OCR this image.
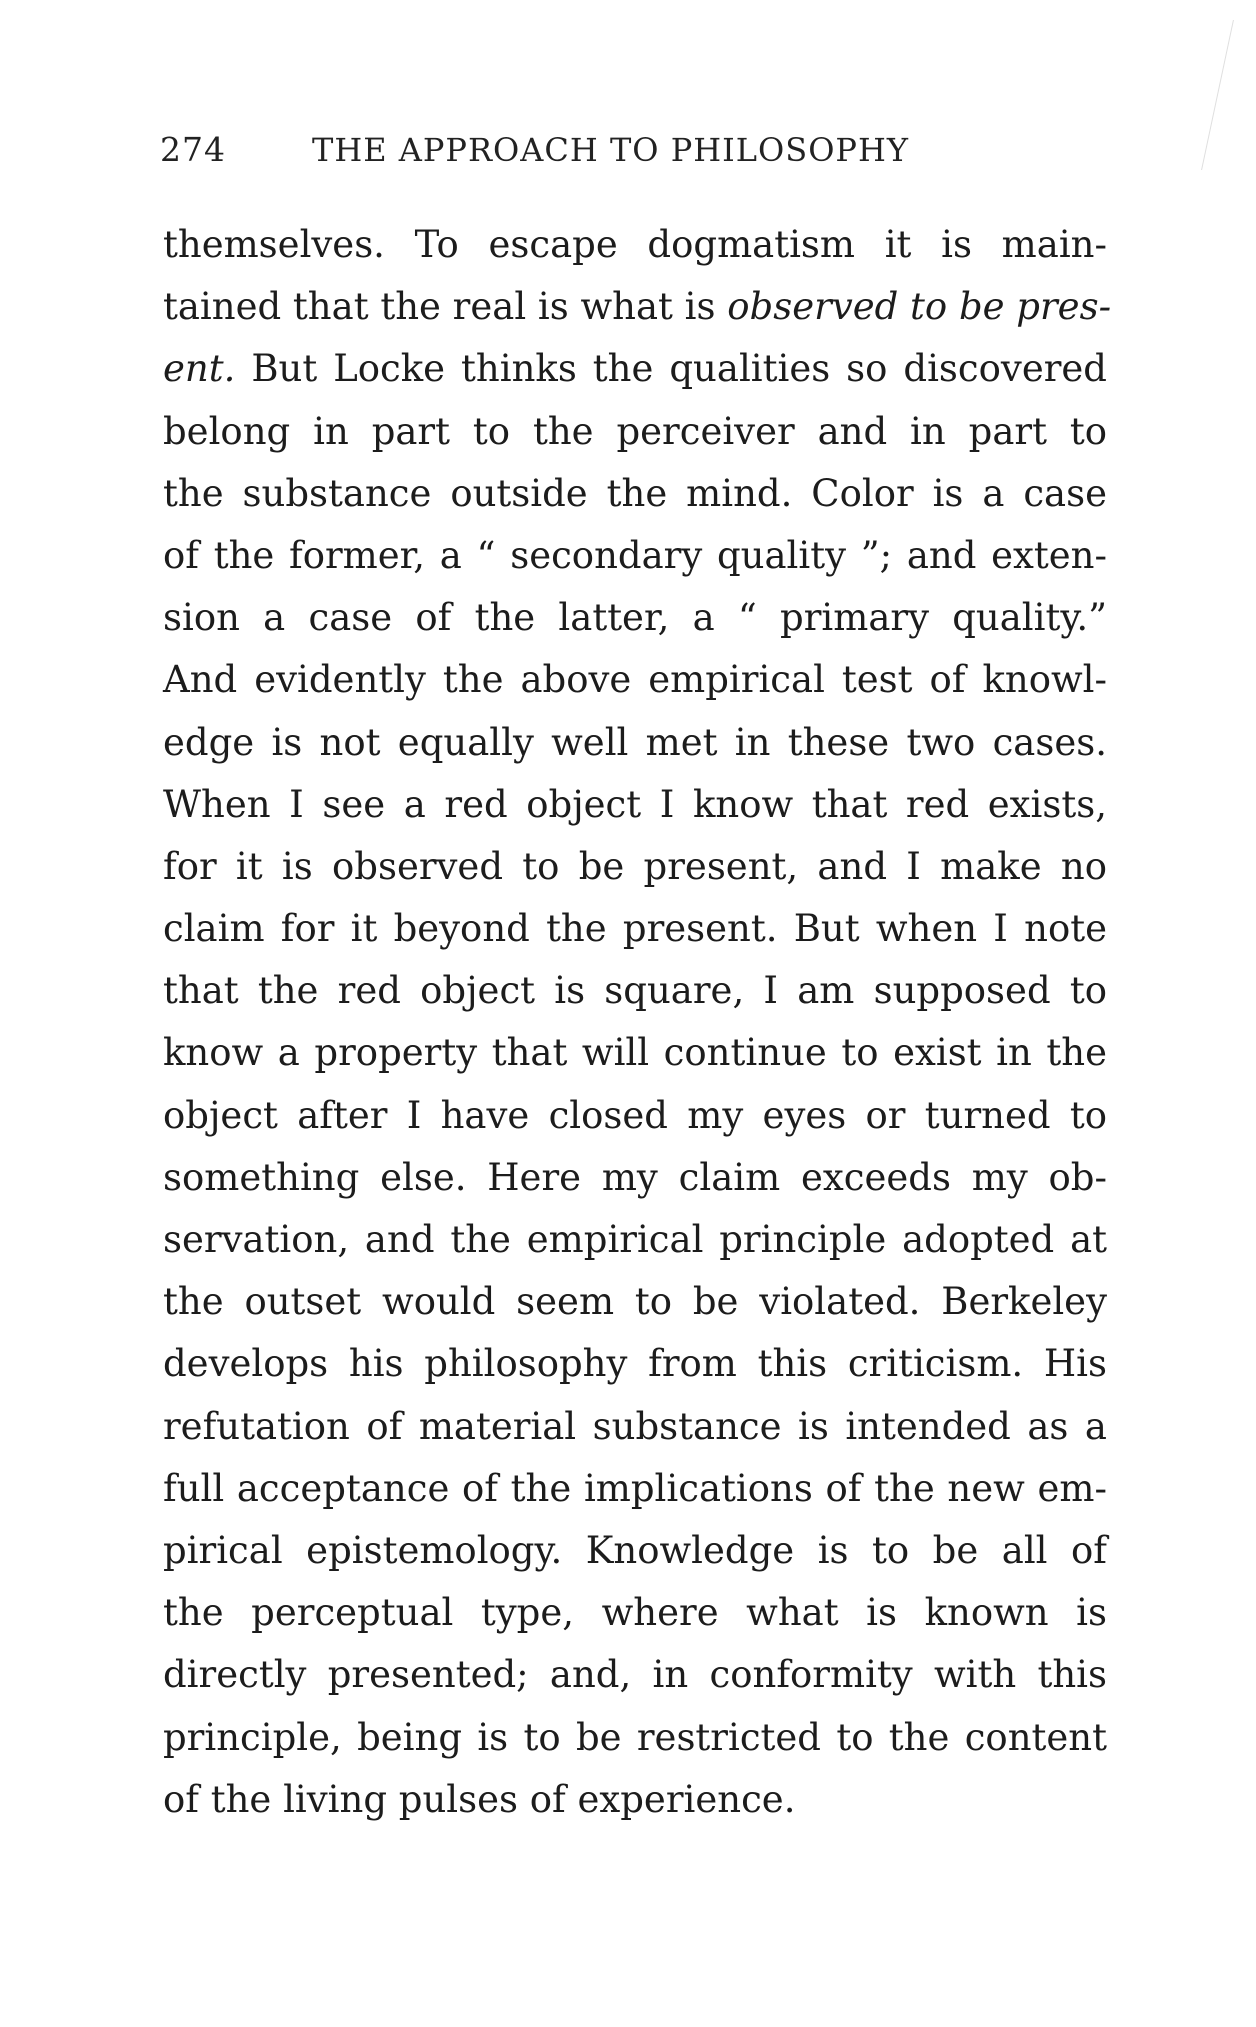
274	THE APPROACH TO PHILOSOPHY
themselves. To escape dogmatism it is main-
tained that the real is what is observed to be pres-
ent. But Locke thinks the qualities so discovered
belong in part to the perceiver and in part to
the substance outside the mind. Color is a case
of the former, a “ secondary quality ”; and exten-
sion a case of the latter, a “ primary quality.”
And evidently the above empirical test of knowl-
edge is not equally well met in these two cases.
When I see a red object I know that red exists,
for it is observed to be present, and I make no
claim for it beyond the present. But when I note
that the red object is square, I am supposed to
know a property that will continue to exist in the
object after I have closed my eyes or turned to
something else. Here my claim exceeds my ob-
servation, and the empirical principle adopted at
the outset would seem to be violated. Berkeley
develops his philosophy from this criticism. His
refutation of material substance is intended as a
full acceptance of the implications of the new em-
pirical epistemology. Knowledge is to be all of
the perceptual type, where what is known is
directly presented; and, in conformity with this
principle, being is to be restricted to the content
of the living pulses of experience.
